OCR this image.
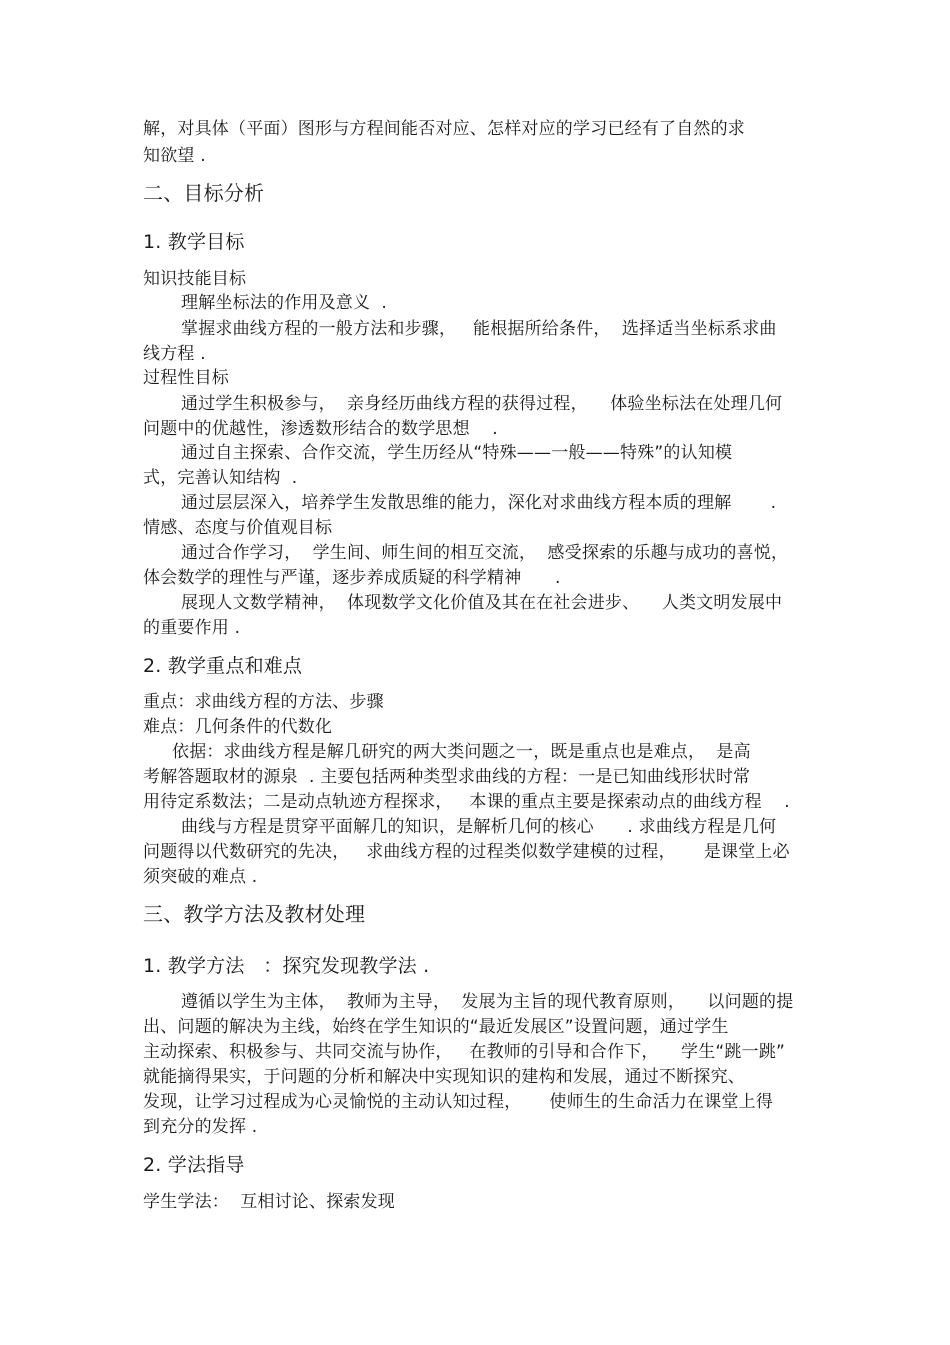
解，对具体（平面）图形与方程间能否对应、怎样对应的学习已经有了自然的求
知欲望 .
二、目标分析
1. 教学目标
知识技能目标
理解坐标法的作用及意义  .
掌握求曲线方程的一般方法和步骤，   能根据所给条件，  选择适当坐标系求曲
线方程 .
过程性目标
通过学生积极参与，  亲身经历曲线方程的获得过程，    体验坐标法在处理几何
问题中的优越性，渗透数形结合的数学思想    .
通过自主探索、合作交流，学生历经从“特殊——一般——特殊”的认知模
式，完善认知结构  .
通过层层深入，培养学生发散思维的能力，深化对求曲线方程本质的理解       .
情感、态度与价值观目标
通过合作学习，  学生间、师生间的相互交流，  感受探索的乐趣与成功的喜悦，
体会数学的理性与严谨，逐步养成质疑的科学精神      .
展现人文数学精神，  体现数学文化价值及其在在社会进步、    人类文明发展中
的重要作用 .
2. 教学重点和难点
重点：求曲线方程的方法、步骤
难点：几何条件的代数化
依据：求曲线方程是解几研究的两大类问题之一，既是重点也是难点，  是高
考解答题取材的源泉  . 主要包括两种类型求曲线的方程：一是已知曲线形状时常
用待定系数法；二是动点轨迹方程探求，   本课的重点主要是探索动点的曲线方程    .
曲线与方程是贯穿平面解几的知识，是解析几何的核心      . 求曲线方程是几何
问题得以代数研究的先决，   求曲线方程的过程类似数学建模的过程，     是课堂上必
须突破的难点 .
三、教学方法及教材处理
1. 教学方法   ：探究发现教学法 .
遵循以学生为主体，  教师为主导，  发展为主旨的现代教育原则，    以问题的提
出、问题的解决为主线，始终在学生知识的“最近发展区”设置问题，通过学生
主动探索、积极参与、共同交流与协作，   在教师的引导和合作下，    学生“跳一跳”
就能摘得果实，于问题的分析和解决中实现知识的建构和发展，通过不断探究、
发现，让学习过程成为心灵愉悦的主动认知过程，     使师生的生命活力在课堂上得
到充分的发挥 .
2. 学法指导
学生学法：  互相讨论、探索发现
